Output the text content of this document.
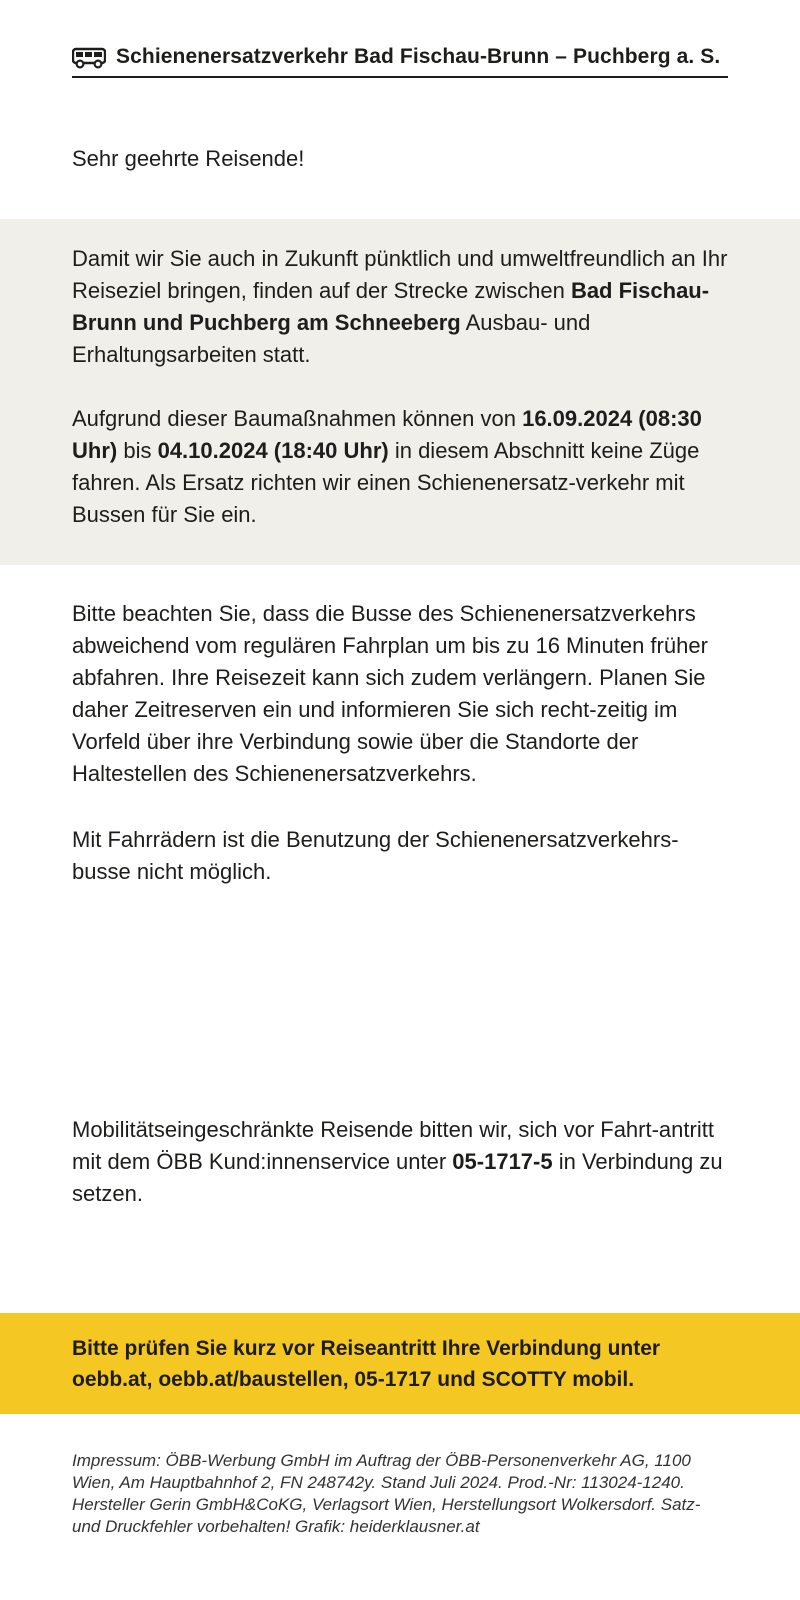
Schienenersatzverkehr Bad Fischau-Brunn – Puchberg a. S.
Sehr geehrte Reisende!

Damit wir Sie auch in Zukunft pünktlich und umweltfreundlich an Ihr Reiseziel bringen, finden auf der Strecke zwischen Bad Fischau-Brunn und Puchberg am Schneeberg Ausbau- und Erhaltungsarbeiten statt.

Aufgrund dieser Baumaßnahmen können von 16.09.2024 (08:30 Uhr) bis 04.10.2024 (18:40 Uhr) in diesem Abschnitt keine Züge fahren. Als Ersatz richten wir einen Schienenersatz-verkehr mit Bussen für Sie ein.

Bitte beachten Sie, dass die Busse des Schienenersatzverkehrs abweichend vom regulären Fahrplan um bis zu 16 Minuten früher abfahren. Ihre Reisezeit kann sich zudem verlängern. Planen Sie daher Zeitreserven ein und informieren Sie sich recht-zeitig im Vorfeld über ihre Verbindung sowie über die Standorte der Haltestellen des Schienenersatzverkehrs.

Mit Fahrrädern ist die Benutzung der Schienenersatzverkehrs-busse nicht möglich.

Mobilitätseingeschränkte Reisende bitten wir, sich vor Fahrt-antritt mit dem ÖBB Kund:innenservice unter 05-1717-5 in Verbindung zu setzen.

Bitte prüfen Sie kurz vor Reiseantritt Ihre Verbindung unter oebb.at, oebb.at/baustellen, 05-1717 und SCOTTY mobil.

Impressum: ÖBB-Werbung GmbH im Auftrag der ÖBB-Personenverkehr AG, 1100 Wien, Am Hauptbahnhof 2, FN 248742y. Stand Juli 2024. Prod.-Nr: 113024-1240. Hersteller Gerin GmbH&CoKG, Verlagsort Wien, Herstellungsort Wolkersdorf. Satz- und Druckfehler vorbehalten! Grafik: heiderklausner.at
